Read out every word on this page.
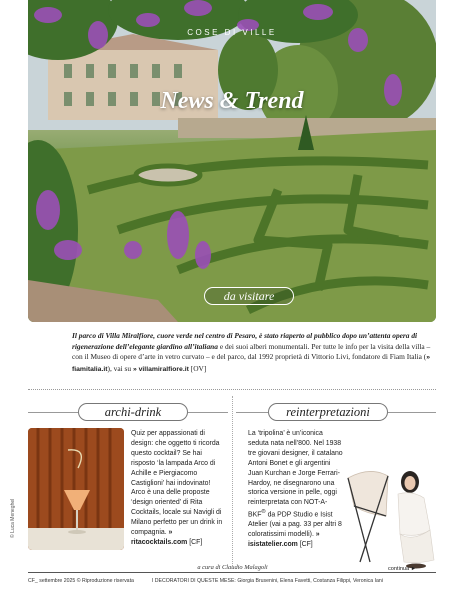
COSE DI VILLE
News & Trend
da visitare
Il parco di Villa Miralfiore, cuore verde nel centro di Pesaro, è stato riaperto al pubblico dopo un’attenta opera di rigenerazione dell’elegante giardino all’italiana e dei suoi alberi monumentali. Per tutte le info per la visita della villa – con il Museo di opere d’arte in vetro curvato – e del parco, dal 1992 proprietà di Vittorio Livi, fondatore di Fiam Italia (» fiamitalia.it), vai su » villamiralfiore.it [OV]
archi-drink
© Luca Meneghel
Quiz per appassionati di design: che oggetto ti ricorda questo cocktail? Se hai risposto ‘la lampada Arco di Achille e Piergiacomo Castiglioni’ hai indovinato! Arco è una delle proposte ‘design oriented’ di Rita Cocktails, locale sui Navigli di Milano perfetto per un drink in compagnia. » ritacocktails.com [CF]
reinterpretazioni
La ‘tripolina’ è un’iconica seduta nata nell’800. Nel 1938 tre giovani designer, il catalano Antoni Bonet e gli argentini Juan Kurchan e Jorge Ferrari-Hardoy, ne disegnarono una storica versione in pelle, oggi reinterpretata con NOT-A-BKF® da PDP Studio e Isist Atelier (vai a pag. 33 per altri 8 coloratissimi modelli). » isistatelier.com [CF]
continua ►
a cura di Claudio Malagoli
CF_ settembre 2025 © Riproduzione riservata	I DECORATORI DI QUESTE MESE: Giorgia Brusenini, Elena Favetti, Costanza Filippi, Veronica Iani
